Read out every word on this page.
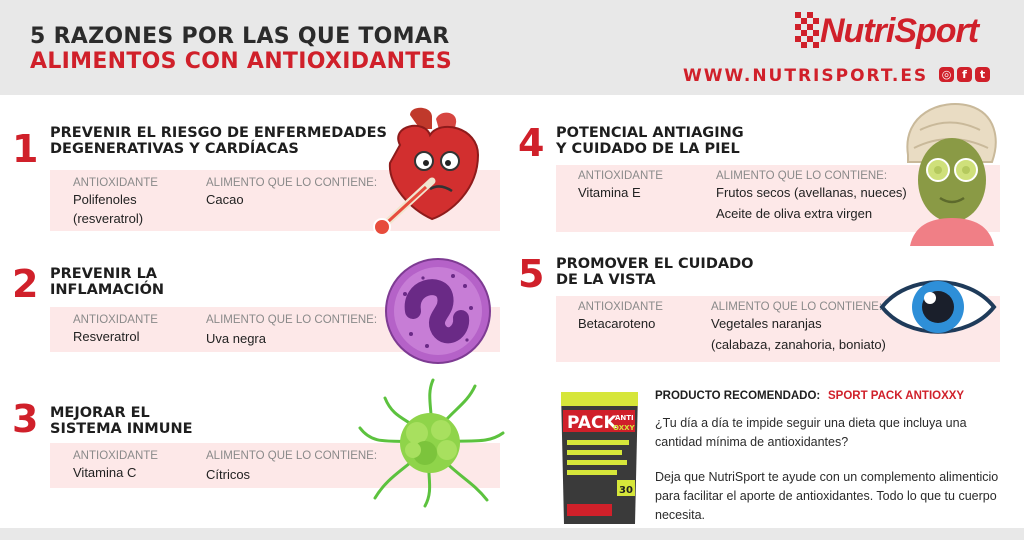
5 RAZONES POR LAS QUE TOMAR
ALIMENTOS CON ANTIOXIDANTES
NutriSport
WWW.NUTRISPORT.ES ◎ f	t
1 PREVENIR EL RIESGO DE ENFERMEDADES
DEGENERATIVAS Y CARDÍACAS
ANTIOXIDANTE
Polifenoles
(resveratrol)
ALIMENTO QUE LO CONTIENE:
Cacao
2 PREVENIR LA
INFLAMACIÓN
ANTIOXIDANTE
Resveratrol
ALIMENTO QUE LO CONTIENE:
Uva negra
3 MEJORAR EL
SISTEMA INMUNE
ANTIOXIDANTE
Vitamina C
ALIMENTO QUE LO CONTIENE:
Cítricos
4 POTENCIAL ANTIAGING
Y CUIDADO DE LA PIEL
ANTIOXIDANTE
Vitamina E
ALIMENTO QUE LO CONTIENE:
Frutos secos (avellanas, nueces)
Aceite de oliva extra virgen
5 PROMOVER EL CUIDADO
DE LA VISTA
ANTIOXIDANTE
Betacaroteno
ALIMENTO QUE LO CONTIENE:
Vegetales naranjas
(calabaza, zanahoria, boniato)
PACK
ANTI
OXXY
30
PRODUCTO RECOMENDADO: SPORT PACK ANTIOXXY
¿Tu día a día te impide seguir una dieta que incluya una cantidad mínima de antioxidantes?
Deja que NutriSport te ayude con un complemento alimenticio para facilitar el aporte de antioxidantes. Todo lo que tu cuerpo necesita.
